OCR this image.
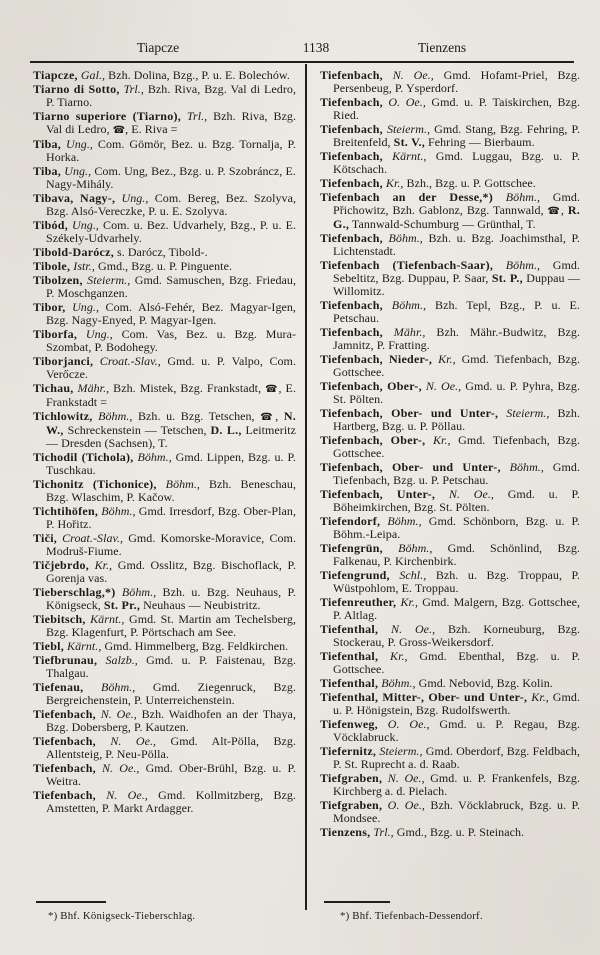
Tiapcze	1138	Tienzens

Tiapcze, Gal., Bzh. Dolina, Bzg., P. u. E. Bolechów.

Tiarno di Sotto, Trl., Bzh. Riva, Bzg. Val di Ledro, P. Tiarno.

Tiarno superiore (Tiarno), Trl., Bzh. Riva, Bzg. Val di Ledro, ☎, E. Riva =

Tiba, Ung., Com. Gömör, Bez. u. Bzg. Tornalja, P. Horka.

Tiba, Ung., Com. Ung, Bez., Bzg. u. P. Szobráncz, E. Nagy-Mihály.

Tibava, Nagy-, Ung., Com. Bereg, Bez. Szolyva, Bzg. Alsó-Vereczke, P. u. E. Szolyva.

Tibód, Ung., Com. u. Bez. Udvarhely, Bzg., P. u. E. Székely-Udvarhely.

Tibold-Darócz, s. Darócz, Tibold-.

Tibole, Istr., Gmd., Bzg. u. P. Pinguente.

Tibolzen, Steierm., Gmd. Samuschen, Bzg. Friedau, P. Moschganzen.

Tibor, Ung., Com. Alsó-Fehér, Bez. Magyar-Igen, Bzg. Nagy-Enyed, P. Magyar-Igen.

Tiborfa, Ung., Com. Vas, Bez. u. Bzg. Mura-Szombat, P. Bodohegy.

Tiborjanci, Croat.-Slav., Gmd. u. P. Valpo, Com. Verőcze.

Tichau, Mähr., Bzh. Mistek, Bzg. Frankstadt, ☎, E. Frankstadt =

Tichlowitz, Böhm., Bzh. u. Bzg. Tetschen, ☎, N. W., Schreckenstein — Tetschen, D. L., Leitmeritz — Dresden (Sachsen), T.

Tichodil (Tichola), Böhm., Gmd. Lippen, Bzg. u. P. Tuschkau.

Tichonitz (Tichonice), Böhm., Bzh. Beneschau, Bzg. Wlaschim, P. Kačow.

Tichtihöfen, Böhm., Gmd. Irresdorf, Bzg. Ober-Plan, P. Hořitz.

Tiči, Croat.-Slav., Gmd. Komorske-Moravice, Com. Modruš-Fiume.

Tičjebrdo, Kr., Gmd. Osslitz, Bzg. Bischoflack, P. Gorenja vas.

Tieberschlag,*) Böhm., Bzh. u. Bzg. Neuhaus, P. Königseck, St. Pr., Neuhaus — Neubistritz.

Tiebitsch, Kärnt., Gmd. St. Martin am Techelsberg, Bzg. Klagenfurt, P. Pörtschach am See.

Tiebl, Kärnt., Gmd. Himmelberg, Bzg. Feldkirchen.

Tiefbrunau, Salzb., Gmd. u. P. Faistenau, Bzg. Thalgau.

Tiefenau, Böhm., Gmd. Ziegenruck, Bzg. Bergreichenstein, P. Unterreichenstein.

Tiefenbach, N. Oe., Bzh. Waidhofen an der Thaya, Bzg. Dobersberg, P. Kautzen.

Tiefenbach, N. Oe., Gmd. Alt-Pölla, Bzg. Allentsteig, P. Neu-Pölla.

Tiefenbach, N. Oe., Gmd. Ober-Brühl, Bzg. u. P. Weitra.

Tiefenbach, N. Oe., Gmd. Kollmitzberg, Bzg. Amstetten, P. Markt Ardagger.

Tiefenbach, N. Oe., Gmd. Hofamt-Priel, Bzg. Persenbeug, P. Ysperdorf.

Tiefenbach, O. Oe., Gmd. u. P. Taiskirchen, Bzg. Ried.

Tiefenbach, Steierm., Gmd. Stang, Bzg. Fehring, P. Breitenfeld, St. V., Fehring — Bierbaum.

Tiefenbach, Kärnt., Gmd. Luggau, Bzg. u. P. Kötschach.

Tiefenbach, Kr., Bzh., Bzg. u. P. Gottschee.

Tiefenbach an der Desse,*) Böhm., Gmd. Přichowitz, Bzh. Gablonz, Bzg. Tannwald, ☎, R. G., Tannwald-Schumburg — Grünthal, T.

Tiefenbach, Böhm., Bzh. u. Bzg. Joachimsthal, P. Lichtenstadt.

Tiefenbach (Tiefenbach-Saar), Böhm., Gmd. Sebeltitz, Bzg. Duppau, P. Saar, St. P., Duppau — Willomitz.

Tiefenbach, Böhm., Bzh. Tepl, Bzg., P. u. E. Petschau.

Tiefenbach, Mähr., Bzh. Mähr.-Budwitz, Bzg. Jamnitz, P. Fratting.

Tiefenbach, Nieder-, Kr., Gmd. Tiefenbach, Bzg. Gottschee.

Tiefenbach, Ober-, N. Oe., Gmd. u. P. Pyhra, Bzg. St. Pölten.

Tiefenbach, Ober- und Unter-, Steierm., Bzh. Hartberg, Bzg. u. P. Pöllau.

Tiefenbach, Ober-, Kr., Gmd. Tiefenbach, Bzg. Gottschee.

Tiefenbach, Ober- und Unter-, Böhm., Gmd. Tiefenbach, Bzg. u. P. Petschau.

Tiefenbach, Unter-, N. Oe., Gmd. u. P. Böheimkirchen, Bzg. St. Pölten.

Tiefendorf, Böhm., Gmd. Schönborn, Bzg. u. P. Böhm.-Leipa.

Tiefengrün, Böhm., Gmd. Schönlind, Bzg. Falkenau, P. Kirchenbirk.

Tiefengrund, Schl., Bzh. u. Bzg. Troppau, P. Wüstpohlom, E. Troppau.

Tiefenreuther, Kr., Gmd. Malgern, Bzg. Gottschee, P. Altlag.

Tiefenthal, N. Oe., Bzh. Korneuburg, Bzg. Stockerau, P. Gross-Weikersdorf.

Tiefenthal, Kr., Gmd. Ebenthal, Bzg. u. P. Gottschee.

Tiefenthal, Böhm., Gmd. Nebovid, Bzg. Kolin.

Tiefenthal, Mitter-, Ober- und Unter-, Kr., Gmd. u. P. Hönigstein, Bzg. Rudolfswerth.

Tiefenweg, O. Oe., Gmd. u. P. Regau, Bzg. Vöcklabruck.

Tiefernitz, Steierm., Gmd. Oberdorf, Bzg. Feldbach, P. St. Ruprecht a. d. Raab.

Tiefgraben, N. Oe., Gmd. u. P. Frankenfels, Bzg. Kirchberg a. d. Pielach.

Tiefgraben, O. Oe., Bzh. Vöcklabruck, Bzg. u. P. Mondsee.

Tienzens, Trl., Gmd., Bzg. u. P. Steinach.

*) Bhf. Königseck-Tieberschlag.	*) Bhf. Tiefenbach-Dessendorf.
